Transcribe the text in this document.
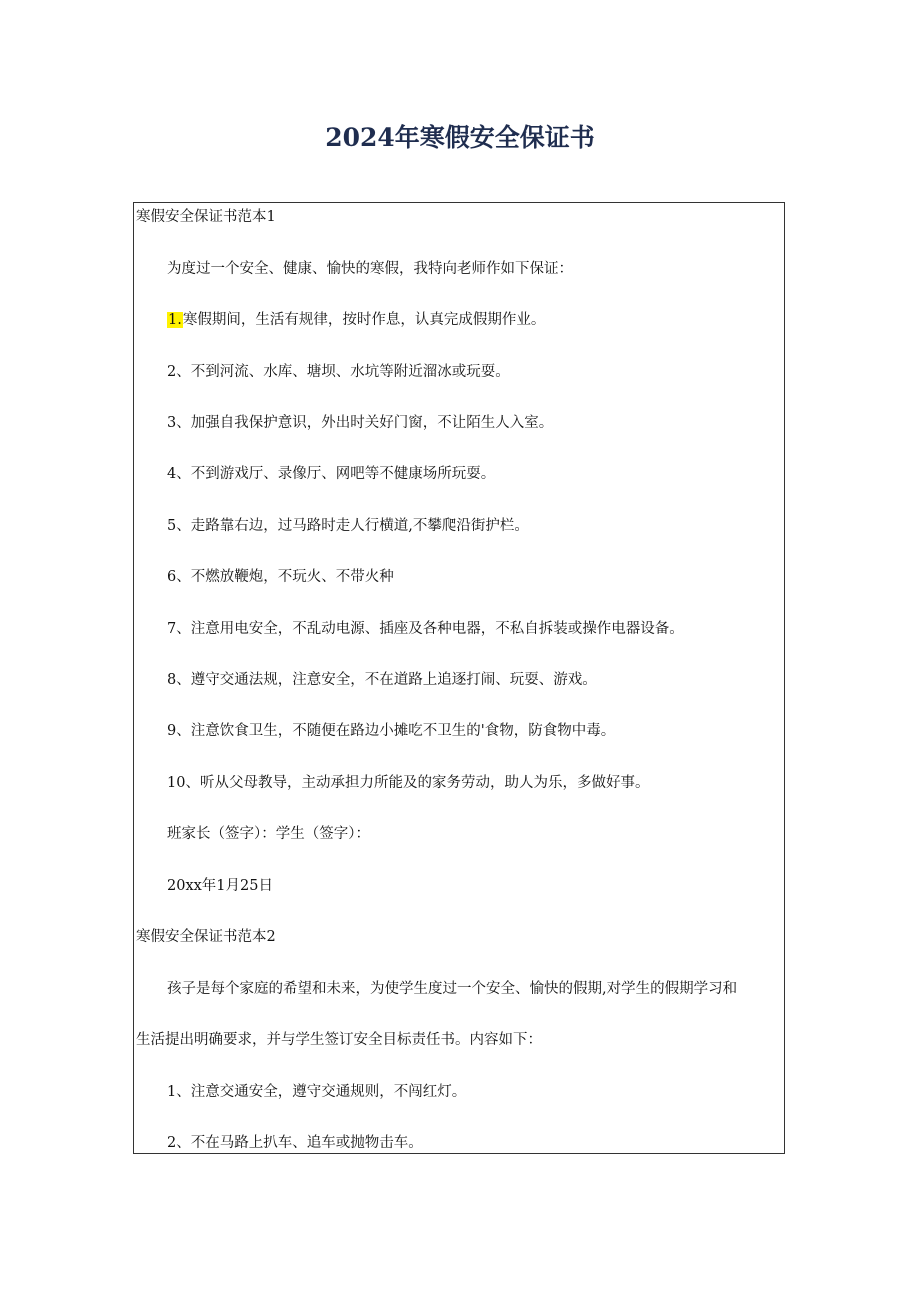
2024年寒假安全保证书
寒假安全保证书范本1
为度过一个安全、健康、愉快的寒假，我特向老师作如下保证：
1.寒假期间，生活有规律，按时作息，认真完成假期作业。
2、不到河流、水库、塘坝、水坑等附近溜冰或玩耍。
3、加强自我保护意识，外出时关好门窗，不让陌生人入室。
4、不到游戏厅、录像厅、网吧等不健康场所玩耍。
5、走路靠右边，过马路时走人行横道,不攀爬沿街护栏。
6、不燃放鞭炮，不玩火、不带火种
7、注意用电安全，不乱动电源、插座及各种电器，不私自拆装或操作电器设备。
8、遵守交通法规，注意安全，不在道路上追逐打闹、玩耍、游戏。
9、注意饮食卫生，不随便在路边小摊吃不卫生的'食物，防食物中毒。
10、听从父母教导，主动承担力所能及的家务劳动，助人为乐，多做好事。
班家长（签字）：学生（签字）：
20xx年1月25日
寒假安全保证书范本2
孩子是每个家庭的希望和未来，为使学生度过一个安全、愉快的假期,对学生的假期学习和
生活提出明确要求，并与学生签订安全目标责任书。内容如下：
1、注意交通安全，遵守交通规则，不闯红灯。
2、不在马路上扒车、追车或抛物击车。
